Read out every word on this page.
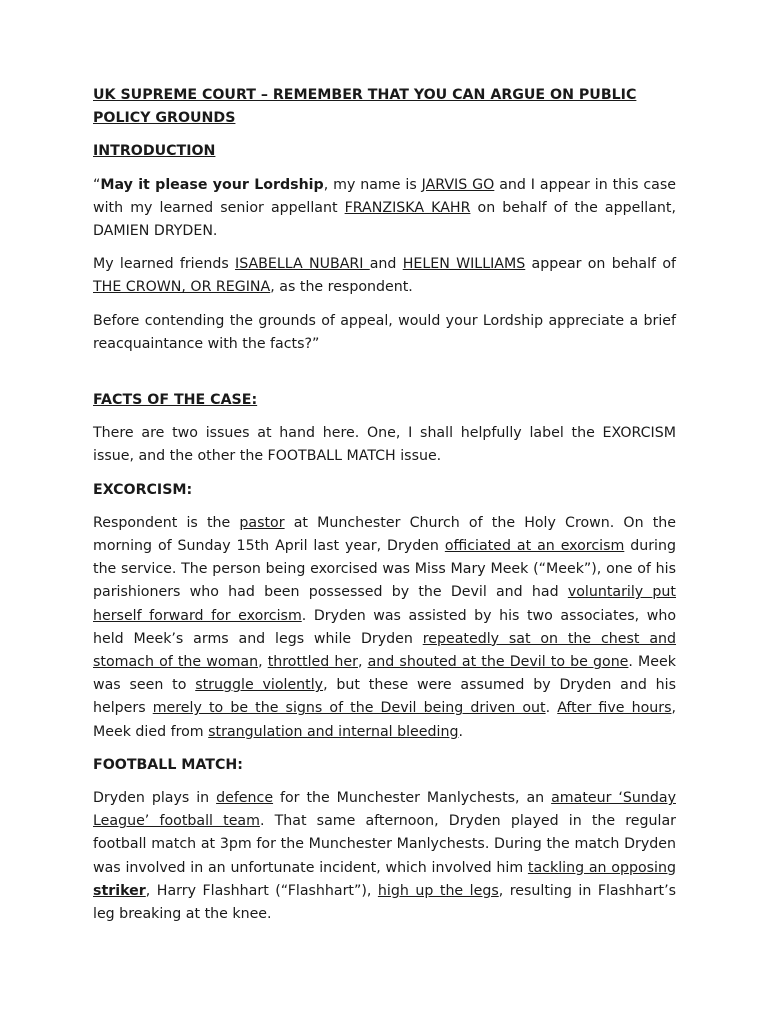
UK SUPREME COURT – REMEMBER THAT YOU CAN ARGUE ON PUBLIC POLICY GROUNDS

INTRODUCTION

“May it please your Lordship, my name is JARVIS GO and I appear in this case with my learned senior appellant FRANZISKA KAHR on behalf of the appellant, DAMIEN DRYDEN.

My learned friends ISABELLA NUBARI and HELEN WILLIAMS appear on behalf of THE CROWN, OR REGINA, as the respondent.

Before contending the grounds of appeal, would your Lordship appreciate a brief reacquaintance with the facts?”

FACTS OF THE CASE:

There are two issues at hand here. One, I shall helpfully label the EXORCISM issue, and the other the FOOTBALL MATCH issue.

EXCORCISM:

Respondent is the pastor at Munchester Church of the Holy Crown. On the morning of Sunday 15th April last year, Dryden officiated at an exorcism during the service. The person being exorcised was Miss Mary Meek (“Meek”), one of his parishioners who had been possessed by the Devil and had voluntarily put herself forward for exorcism. Dryden was assisted by his two associates, who held Meek’s arms and legs while Dryden repeatedly sat on the chest and stomach of the woman, throttled her, and shouted at the Devil to be gone. Meek was seen to struggle violently, but these were assumed by Dryden and his helpers merely to be the signs of the Devil being driven out. After five hours, Meek died from strangulation and internal bleeding.

FOOTBALL MATCH:

Dryden plays in defence for the Munchester Manlychests, an amateur ‘Sunday League’ football team. That same afternoon, Dryden played in the regular football match at 3pm for the Munchester Manlychests. During the match Dryden was involved in an unfortunate incident, which involved him tackling an opposing striker, Harry Flashhart (“Flashhart”), high up the legs, resulting in Flashhart’s leg breaking at the knee.
